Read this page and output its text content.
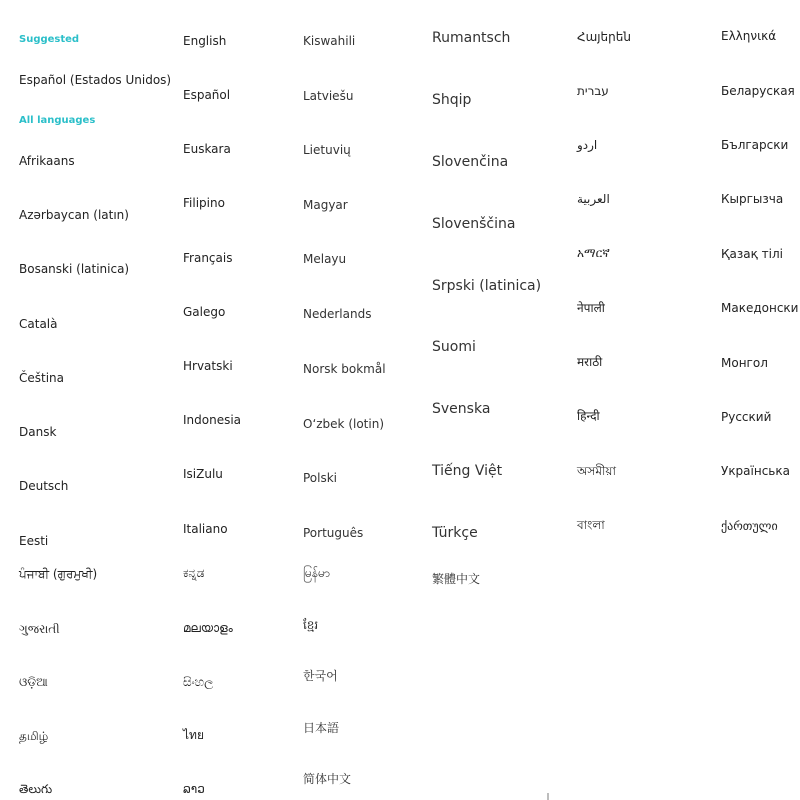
Suggested
Español (Estados Unidos)
All languages
Afrikaans
Azərbaycan (latın)
Bosanski (latinica)
Català
Čeština
Dansk
Deutsch
Eesti
ਪੰਜਾਬੀ (ਗੁਰਮੁਖੀ)
ગુજરાતી
ଓଡ଼ିଆ
தமிழ்
తెలుగు
English
Español
Euskara
Filipino
Français
Galego
Hrvatski
Indonesia
IsiZulu
Italiano
ಕನ್ನಡ
മലയാളം
සිංහල
ไทย
ລາວ
Kiswahili
Latviešu
Lietuvių
Magyar
Melayu
Nederlands
Norsk bokmål
Oʻzbek (lotin)
Polski
Português
မြန်မာ
ខ្មែរ
한국어
日本語
简体中文
Rumantsch
Shqip
Slovenčina
Slovenščina
Srpski (latinica)
Suomi
Svenska
Tiếng Việt
Türkçe
繁體中文
Հայերեն
עברית
اردو
العربية
አማርኛ
नेपाली
मराठी
हिन्दी
অসমীয়া
বাংলা
Ελληνικά
Беларуская
Български
Кыргызча
Қазақ тілі
Македонски
Монгол
Русский
Українська
ქართული
